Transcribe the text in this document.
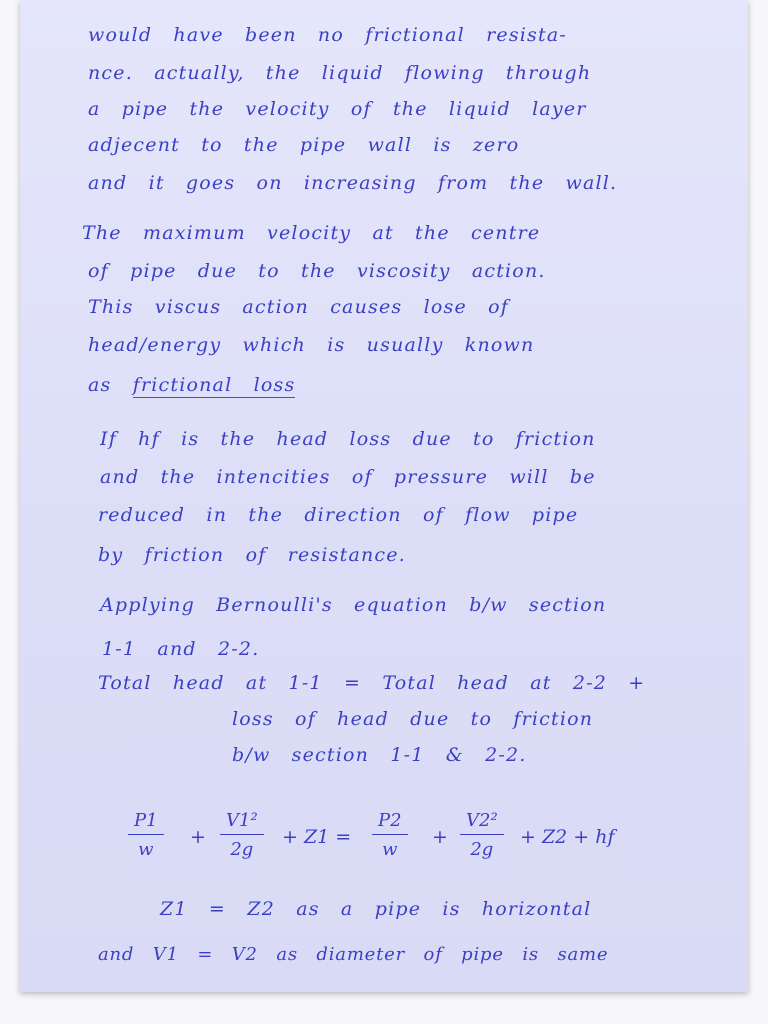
would have been no frictional resista-
nce. actually, the liquid flowing through
a pipe the velocity of the liquid layer
adjecent to the pipe wall is zero
and it goes on increasing from the wall.
The maximum velocity at the centre
of pipe due to the viscosity action.
This viscus action causes lose of
head/energy which is usually known
as frictional loss
If hf is the head loss due to friction
and the intencities of pressure will be
reduced in the direction of flow pipe
by friction of resistance.
Applying Bernoulli's equation b/w section
1-1 and 2-2.
Total head at 1-1 = Total head at 2-2 +
loss of head due to friction
b/w section 1-1 & 2-2.
$\frac{P1}{w} + \frac{\text{V1²}}{2g} + Z1 = \frac{P2}{w} + \frac{\text{V2²}}{2g} + Z2$ + hf
Z1 = Z2 as a pipe is horizontal
and V1 = V2 as diameter of pipe is same
